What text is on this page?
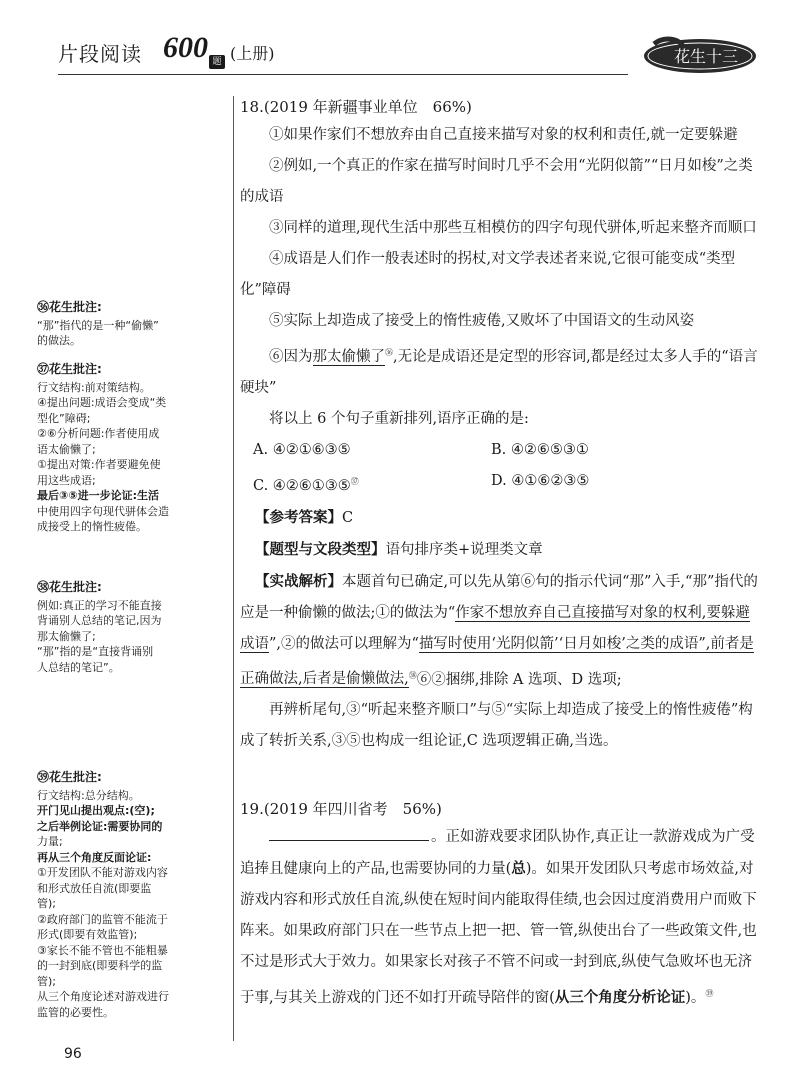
片段阅读 600 题 (上册)	花生十三
㊱花生批注:
“那”指代的是一种“偷懒”
的做法。
㊲花生批注:
行文结构:前对策结构。
④提出问题:成语会变成“类
型化”障碍;
②⑥分析问题:作者使用成
语太偷懒了;
①提出对策:作者要避免使
用这些成语;
最后③⑤进一步论证:生活
中使用四字句现代骈体会造
成接受上的惰性疲倦。
㊳花生批注:
例如:真正的学习不能直接
背诵别人总结的笔记,因为
那太偷懒了;
“那”指的是“直接背诵别
人总结的笔记”。
㊴花生批注:
行文结构:总分结构。
开门见山提出观点:(空);
之后举例论证:需要协同的
力量;
再从三个角度反面论证:
①开发团队不能对游戏内容
和形式放任自流(即要监
管);
②政府部门的监管不能流于
形式(即要有效监管);
③家长不能不管也不能粗暴
的一封到底(即要科学的监
管);
从三个角度论述对游戏进行
监管的必要性。
18.(2019 年新疆事业单位　66%)

①如果作家们不想放弃由自己直接来描写对象的权利和责任,就一定要躲避

②例如,一个真正的作家在描写时间时几乎不会用“光阴似箭”“日月如梭”之类的成语

③同样的道理,现代生活中那些互相模仿的四字句现代骈体,听起来整齐而顺口

④成语是人们作一般表述时的拐杖,对文学表述者来说,它很可能变成“类型化”障碍

⑤实际上却造成了接受上的惰性疲倦,又败坏了中国语文的生动风姿

⑥因为那太偷懒了$^㊱$,无论是成语还是定型的形容词,都是经过太多人手的“语言硬块”

将以上 6 个句子重新排列,语序正确的是:

A. ④②①⑥③⑤	B. ④②⑥⑤③①
C. ④②⑥①③⑤$^㊲$	D. ④①⑥②③⑤

【参考答案】C

【题型与文段类型】语句排序类+说理类文章

【实战解析】本题首句已确定,可以先从第⑥句的指示代词“那”入手,“那”指代的应是一种偷懒的做法;①的做法为“作家不想放弃自己直接描写对象的权利,要躲避成语”,②的做法可以理解为“描写时使用‘光阴似箭’‘日月如梭’之类的成语”,前者是正确做法,后者是偷懒做法,$^㊳$⑥②捆绑,排除 A 选项、D 选项;

再辨析尾句,③“听起来整齐顺口”与⑤“实际上却造成了接受上的惰性疲倦”构成了转折关系,③⑤也构成一组论证,C 选项逻辑正确,当选。

19.(2019 年四川省考　56%)

。正如游戏要求团队协作,真正让一款游戏成为广受追捧且健康向上的产品,也需要协同的力量(总)。如果开发团队只考虑市场效益,对游戏内容和形式放任自流,纵使在短时间内能取得佳绩,也会因过度消费用户而败下阵来。如果政府部门只在一些节点上把一把、管一管,纵使出台了一些政策文件,也不过是形式大于效力。如果家长对孩子不管不问或一封到底,纵使气急败坏也无济于事,与其关上游戏的门还不如打开疏导陪伴的窗(从三个角度分析论证)。$^㊴$

96
